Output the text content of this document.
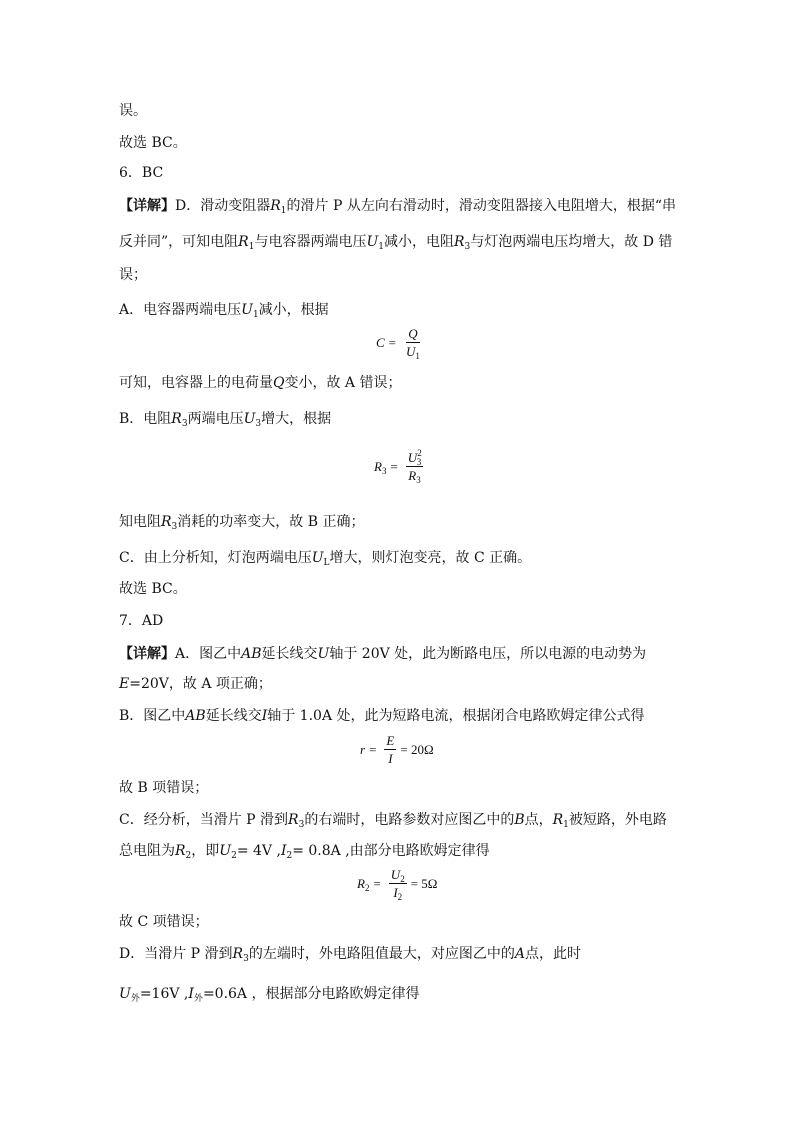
误。
故选 BC。
6．BC
【详解】D．滑动变阻器$R_1$的滑片 P 从左向右滑动时，滑动变阻器接入电阻增大，根据“串
反并同”，可知电阻$R_1$与电容器两端电压$U_1$减小，电阻$R_3$与灯泡两端电压均增大，故 D 错
误；
A．电容器两端电压$U_1$减小，根据
$C = \frac{Q}{U_1}$
可知，电容器上的电荷量Q变小，故 A 错误；
B．电阻$R_3$两端电压$U_3$增大，根据
$R_3 = \frac{U^2_3}{R_3}$
知电阻$R_3$消耗的功率变大，故 B 正确；
C．由上分析知，灯泡两端电压$U_L$增大，则灯泡变亮，故 C 正确。
故选 BC。
7．AD
【详解】A．图乙中AB延长线交U轴于 20V 处，此为断路电压，所以电源的电动势为
E=20V，故 A 项正确；
B．图乙中AB延长线交I轴于 1.0A 处，此为短路电流，根据闭合电路欧姆定律公式得
$r = \frac{E}{I} = 20\Omega$
故 B 项错误；
C．经分析，当滑片 P 滑到$R_3$的右端时，电路参数对应图乙中的B点，$R_1$被短路，外电路
总电阻为$R_2$，即$U_2= 4V$ $,I_2= 0.8A$ ,由部分电路欧姆定律得
$R_2 = \frac{U_2}{I_2} = 5\Omega$
故 C 项错误；
D．当滑片 P 滑到$R_3$的左端时，外电路阻值最大，对应图乙中的A点，此时
$U_外=16V$ $,I_外=0.6A$ ，根据部分电路欧姆定律得
